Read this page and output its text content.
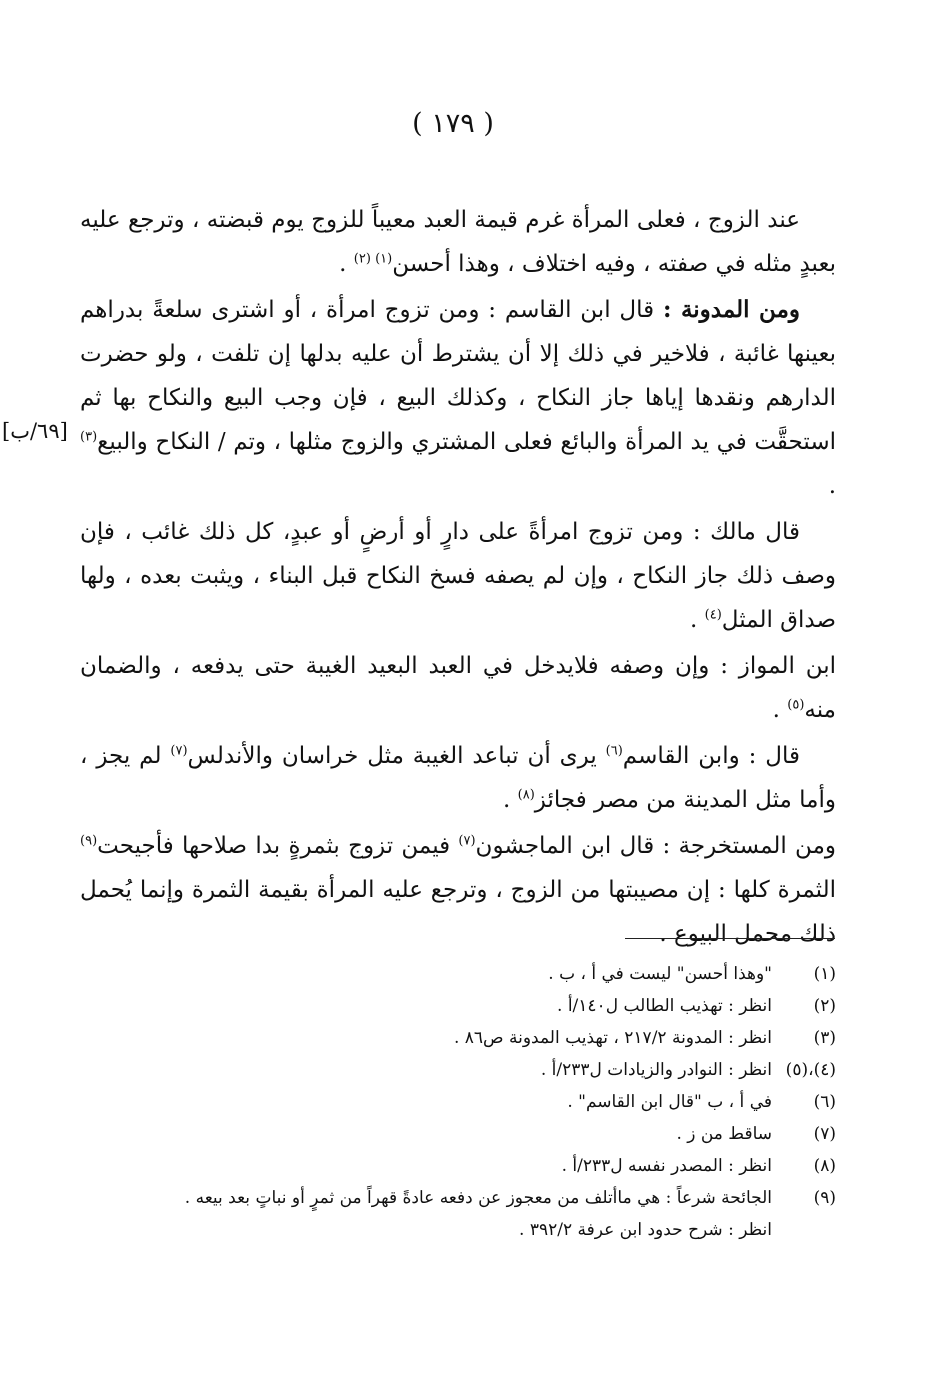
( ١٧٩ )
[٦٩/ب]

عند الزوج ، فعلى المرأة غرم قيمة العبد معيباً للزوج يوم قبضته ، وترجع عليه بعبدٍ مثله في صفته ، وفيه اختلاف ، وهذا أحسن$^{(١) (٢)}$ .

ومن المدونة : قال ابن القاسم : ومن تزوج امرأة ، أو اشترى سلعةً بدراهم بعينها غائبة ، فلاخير في ذلك إلا أن يشترط أن عليه بدلها إن تلفت ، ولو حضرت الدارهم ونقدها إياها جاز النكاح ، وكذلك البيع ، فإن وجب البيع والنكاح بها ثم استحقَّت في يد المرأة والبائع فعلى المشتري والزوج مثلها ، وتم / النكاح والبيع$^{(٣)}$ .

قال مالك : ومن تزوج امرأةً على دارٍ أو أرضٍ أو عبدٍ، كل ذلك غائب ، فإن وصف ذلك جاز النكاح ، وإن لم يصفه فسخ النكاح قبل البناء ، ويثبت بعده ، ولها صداق المثل$^{(٤)}$ .

ابن المواز : وإن وصفه فلايدخل في العبد البعيد الغيبة حتى يدفعه ، والضمان منه$^{(٥)}$ .

قال : وابن القاسم$^{(٦)}$ يرى أن تباعد الغيبة مثل خراسان والأندلس$^{(٧)}$ لم يجز ، وأما مثل المدينة من مصر فجائز$^{(٨)}$ .

ومن المستخرجة : قال ابن الماجشون$^{(٧)}$ فيمن تزوج بثمرةٍ بدا صلاحها فأجيحت$^{(٩)}$ الثمرة كلها : إن مصيبتها من الزوج ، وترجع عليه المرأة بقيمة الثمرة وإنما يُحمل ذلك محمل البيوع .

(١)
"وهذا أحسن" ليست في أ ، ب .
(٢)
انظر : تهذيب الطالب ل١٤٠/أ .
(٣)
انظر : المدونة ٢١٧/٢ ، تهذيب المدونة ص٨٦ .
(٤)،(٥)
انظر : النوادر والزيادات ل٢٣٣/أ .
(٦)
في أ ، ب "قال ابن القاسم" .
(٧)
ساقط من ز .
(٨)
انظر : المصدر نفسه ل٢٣٣/أ .
(٩)
الجائحة شرعاً : هي ماأتلف من معجوز عن دفعه عادةً قهراً من ثمرٍ أو نباتٍ بعد بيعه .
انظر : شرح حدود ابن عرفة ٣٩٢/٢ .
